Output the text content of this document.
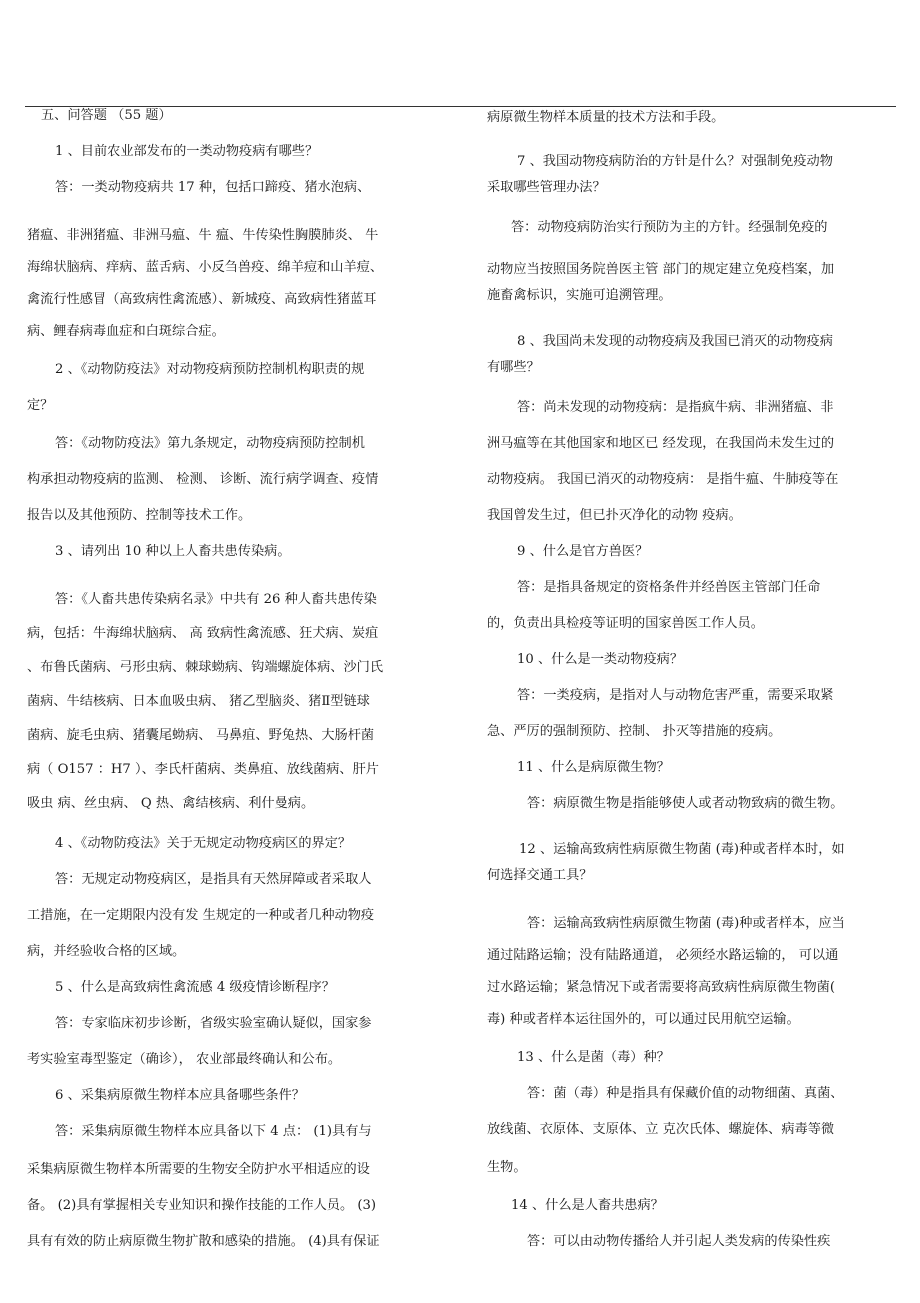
五、问答题 （55 题）
1 、目前农业部发布的一类动物疫病有哪些？
答：一类动物疫病共 17 种，包括口蹄疫、猪水泡病、
猪瘟、非洲猪瘟、非洲马瘟、牛 瘟、牛传染性胸膜肺炎、 牛
海绵状脑病、痒病、蓝舌病、小反刍兽疫、绵羊痘和山羊痘、
禽流行性感冒（高致病性禽流感）、新城疫、高致病性猪蓝耳
病、鲤春病毒血症和白斑综合症。
2 、《动物防疫法》对动物疫病预防控制机构职责的规
定？
答：《动物防疫法》第九条规定，动物疫病预防控制机
构承担动物疫病的监测、 检测、 诊断、流行病学调查、疫情
报告以及其他预防、控制等技术工作。
3 、请列出 10 种以上人畜共患传染病。
答：《人畜共患传染病名录》中共有 26 种人畜共患传染
病，包括：牛海绵状脑病、 高 致病性禽流感、狂犬病、炭疽
、布鲁氏菌病、弓形虫病、棘球蚴病、钩端螺旋体病、沙门氏
菌病、牛结核病、日本血吸虫病、 猪乙型脑炎、猪Ⅱ型链球
菌病、旋毛虫病、猪囊尾蚴病、 马鼻疽、野兔热、大肠杆菌
病（ O157 ：H7 ）、李氏杆菌病、类鼻疽、放线菌病、肝片
吸虫 病、丝虫病、 Q 热、禽结核病、利什曼病。
4 、《动物防疫法》关于无规定动物疫病区的界定？
答：无规定动物疫病区，是指具有天然屏障或者采取人
工措施，在一定期限内没有发 生规定的一种或者几种动物疫
病，并经验收合格的区域。
5 、什么是高致病性禽流感 4 级疫情诊断程序？
答：专家临床初步诊断，省级实验室确认疑似，国家参
考实验室毒型鉴定（确诊）， 农业部最终确认和公布。
6 、采集病原微生物样本应具备哪些条件？
答：采集病原微生物样本应具备以下 4 点： (1)具有与
采集病原微生物样本所需要的生物安全防护水平相适应的设
备。 (2)具有掌握相关专业知识和操作技能的工作人员。 (3)
具有有效的防止病原微生物扩散和感染的措施。 (4)具有保证
病原微生物样本质量的技术方法和手段。
7 、我国动物疫病防治的方针是什么？对强制免疫动物
采取哪些管理办法？
答：动物疫病防治实行预防为主的方针。经强制免疫的
动物应当按照国务院兽医主管 部门的规定建立免疫档案，加
施畜禽标识，实施可追溯管理。
8 、我国尚未发现的动物疫病及我国已消灭的动物疫病
有哪些？
答：尚未发现的动物疫病：是指疯牛病、非洲猪瘟、非
洲马瘟等在其他国家和地区已 经发现，在我国尚未发生过的
动物疫病。 我国已消灭的动物疫病： 是指牛瘟、牛肺疫等在
我国曾发生过，但已扑灭净化的动物 疫病。
9 、什么是官方兽医？
答：是指具备规定的资格条件并经兽医主管部门任命
的，负责出具检疫等证明的国家兽医工作人员。
10 、什么是一类动物疫病？
答：一类疫病，是指对人与动物危害严重，需要采取紧
急、严厉的强制预防、控制、 扑灭等措施的疫病。
11 、什么是病原微生物？
答：病原微生物是指能够使人或者动物致病的微生物。
12 、运输高致病性病原微生物菌 (毒)种或者样本时，如
何选择交通工具？
答：运输高致病性病原微生物菌 (毒)种或者样本，应当
通过陆路运输；没有陆路通道， 必须经水路运输的， 可以通
过水路运输；紧急情况下或者需要将高致病性病原微生物菌(
毒) 种或者样本运往国外的，可以通过民用航空运输。
13 、什么是菌（毒）种？
答：菌（毒）种是指具有保藏价值的动物细菌、真菌、
放线菌、衣原体、支原体、立 克次氏体、螺旋体、病毒等微
生物。
14 、什么是人畜共患病？
答：可以由动物传播给人并引起人类发病的传染性疾
